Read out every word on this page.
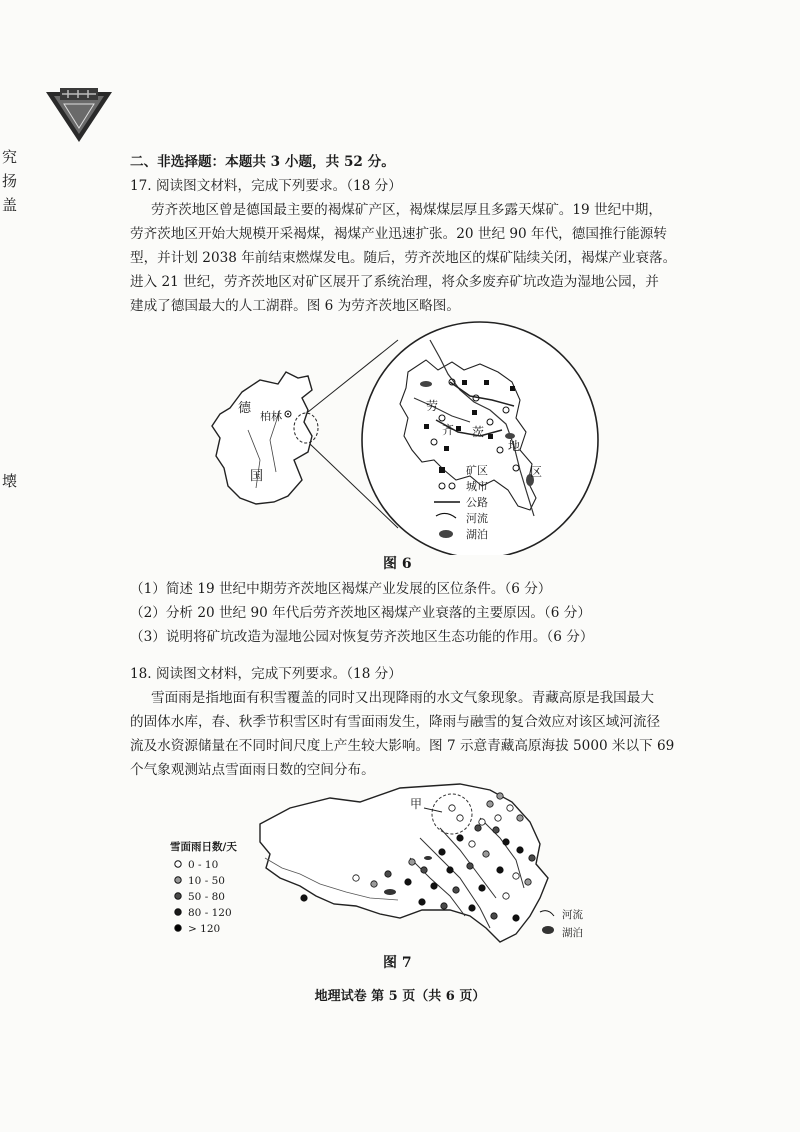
究
扬
盖
壊
二、非选择题：本题共 3 小题，共 52 分。
17. 阅读图文材料，完成下列要求。（18 分）
劳齐茨地区曾是德国最主要的褐煤矿产区，褐煤煤层厚且多露天煤矿。19 世纪中期，
劳齐茨地区开始大规模开采褐煤，褐煤产业迅速扩张。20 世纪 90 年代，德国推行能源转
型，并计划 2038 年前结束燃煤发电。随后，劳齐茨地区的煤矿陆续关闭，褐煤产业衰落。
进入 21 世纪，劳齐茨地区对矿区展开了系统治理，将众多废弃矿坑改造为湿地公园，并
建成了德国最大的人工湖群。图 6 为劳齐茨地区略图。
德
国
柏林
劳
齐 茨
地
区
矿区
城市
公路
河流
湖泊
图 6
（1）简述 19 世纪中期劳齐茨地区褐煤产业发展的区位条件。（6 分）
（2）分析 20 世纪 90 年代后劳齐茨地区褐煤产业衰落的主要原因。（6 分）
（3）说明将矿坑改造为湿地公园对恢复劳齐茨地区生态功能的作用。（6 分）
18. 阅读图文材料，完成下列要求。（18 分）
雪面雨是指地面有积雪覆盖的同时又出现降雨的水文气象现象。青藏高原是我国最大
的固体水库，春、秋季节积雪区时有雪面雨发生，降雨与融雪的复合效应对该区域河流径
流及水资源储量在不同时间尺度上产生较大影响。图 7 示意青藏高原海拔 5000 米以下 69
个气象观测站点雪面雨日数的空间分布。
甲
雪面雨日数/天
0 - 10
10 - 50
50 - 80
80 - 120
> 120
河流
湖泊
图 7
地理试卷 第 5 页（共 6 页）
